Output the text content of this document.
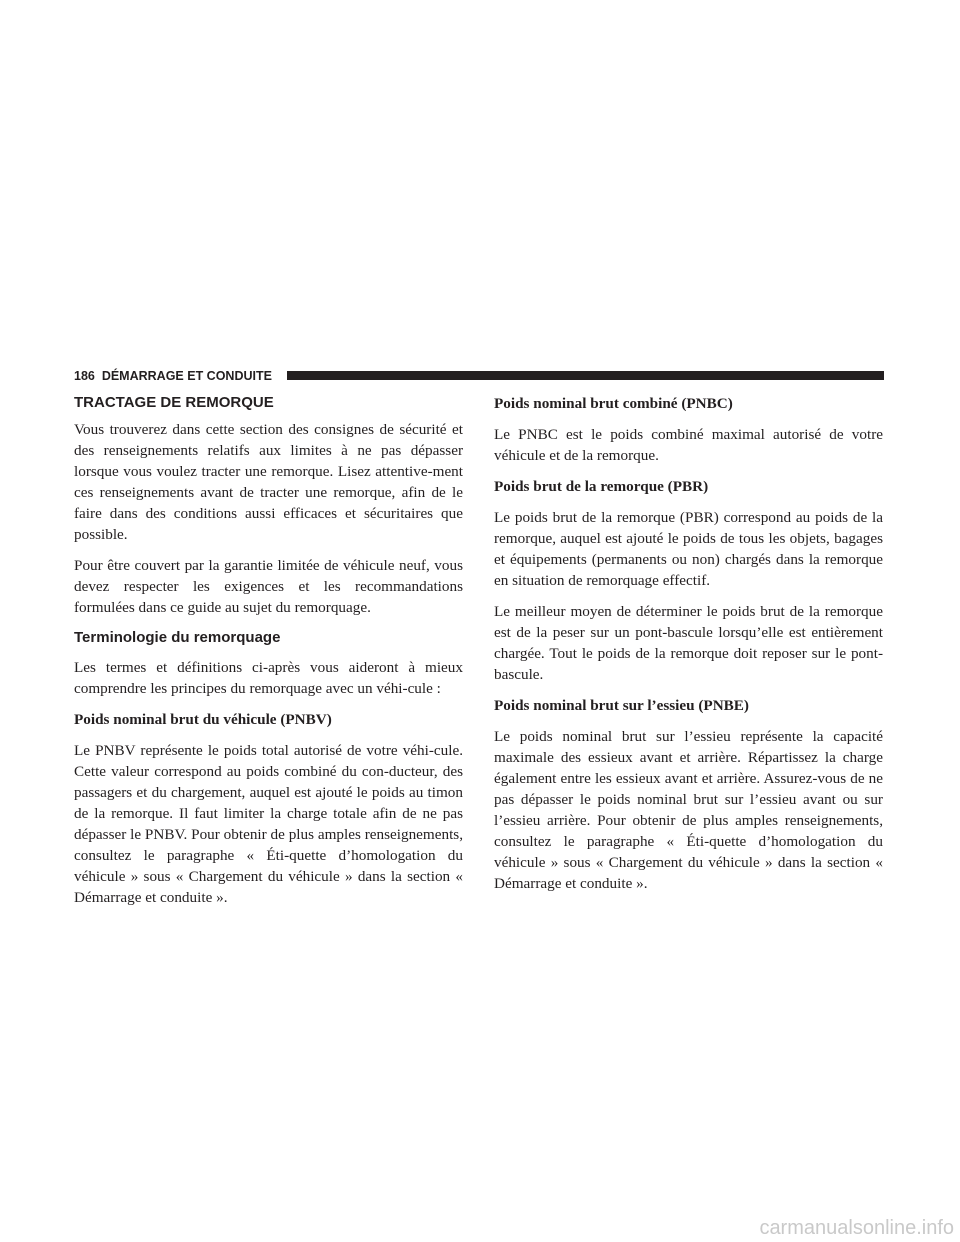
186 DÉMARRAGE ET CONDUITE
TRACTAGE DE REMORQUE

Vous trouverez dans cette section des consignes de sécurité et des renseignements relatifs aux limites à ne pas dépasser lorsque vous voulez tracter une remorque. Lisez attentive-ment ces renseignements avant de tracter une remorque, afin de le faire dans des conditions aussi efficaces et sécuritaires que possible.

Pour être couvert par la garantie limitée de véhicule neuf, vous devez respecter les exigences et les recommandations formulées dans ce guide au sujet du remorquage.

Terminologie du remorquage

Les termes et définitions ci-après vous aideront à mieux comprendre les principes du remorquage avec un véhi-cule :

Poids nominal brut du véhicule (PNBV)

Le PNBV représente le poids total autorisé de votre véhi-cule. Cette valeur correspond au poids combiné du con-ducteur, des passagers et du chargement, auquel est ajouté le poids au timon de la remorque. Il faut limiter la charge totale afin de ne pas dépasser le PNBV. Pour obtenir de plus amples renseignements, consultez le paragraphe « Éti-quette d’homologation du véhicule » sous « Chargement du véhicule » dans la section « Démarrage et conduite ».

Poids nominal brut combiné (PNBC)

Le PNBC est le poids combiné maximal autorisé de votre véhicule et de la remorque.

Poids brut de la remorque (PBR)

Le poids brut de la remorque (PBR) correspond au poids de la remorque, auquel est ajouté le poids de tous les objets, bagages et équipements (permanents ou non) chargés dans la remorque en situation de remorquage effectif.

Le meilleur moyen de déterminer le poids brut de la remorque est de la peser sur un pont-bascule lorsqu’elle est entièrement chargée. Tout le poids de la remorque doit reposer sur le pont-bascule.

Poids nominal brut sur l’essieu (PNBE)

Le poids nominal brut sur l’essieu représente la capacité maximale des essieux avant et arrière. Répartissez la charge également entre les essieux avant et arrière. Assurez-vous de ne pas dépasser le poids nominal brut sur l’essieu avant ou sur l’essieu arrière. Pour obtenir de plus amples renseignements, consultez le paragraphe « Éti-quette d’homologation du véhicule » sous « Chargement du véhicule » dans la section « Démarrage et conduite ».

carmanualsonline.info
